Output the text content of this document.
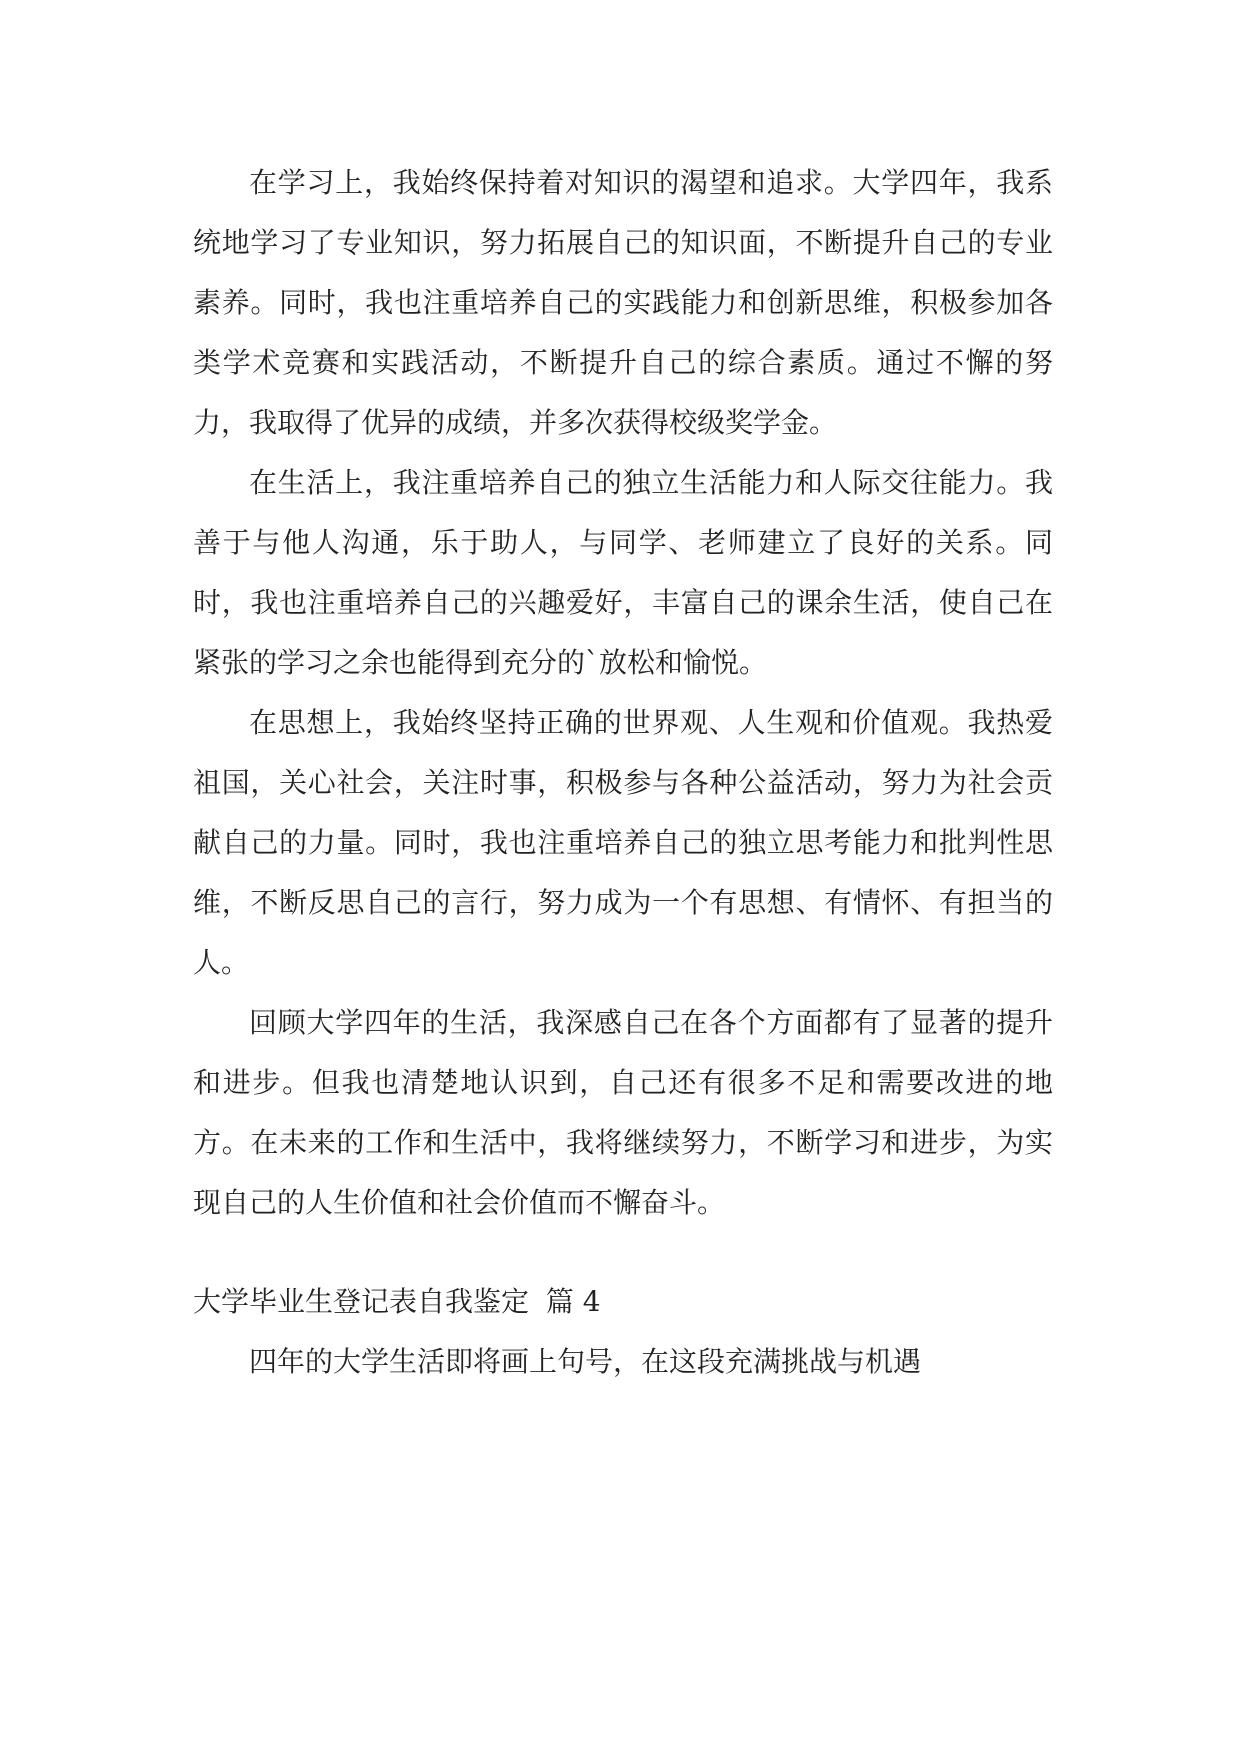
在学习上，我始终保持着对知识的渴望和追求。大学四年，我系统地学习了专业知识，努力拓展自己的知识面，不断提升自己的专业素养。同时，我也注重培养自己的实践能力和创新思维，积极参加各类学术竞赛和实践活动，不断提升自己的综合素质。通过不懈的努力，我取得了优异的成绩，并多次获得校级奖学金。

在生活上，我注重培养自己的独立生活能力和人际交往能力。我善于与他人沟通，乐于助人，与同学、老师建立了良好的关系。同时，我也注重培养自己的兴趣爱好，丰富自己的课余生活，使自己在紧张的学习之余也能得到充分的`放松和愉悦。

在思想上，我始终坚持正确的世界观、人生观和价值观。我热爱祖国，关心社会，关注时事，积极参与各种公益活动，努力为社会贡献自己的力量。同时，我也注重培养自己的独立思考能力和批判性思维，不断反思自己的言行，努力成为一个有思想、有情怀、有担当的人。

回顾大学四年的生活，我深感自己在各个方面都有了显著的提升和进步。但我也清楚地认识到，自己还有很多不足和需要改进的地方。在未来的工作和生活中，我将继续努力，不断学习和进步，为实现自己的人生价值和社会价值而不懈奋斗。

大学毕业生登记表自我鉴定 篇 4

四年的大学生活即将画上句号，在这段充满挑战与机遇
